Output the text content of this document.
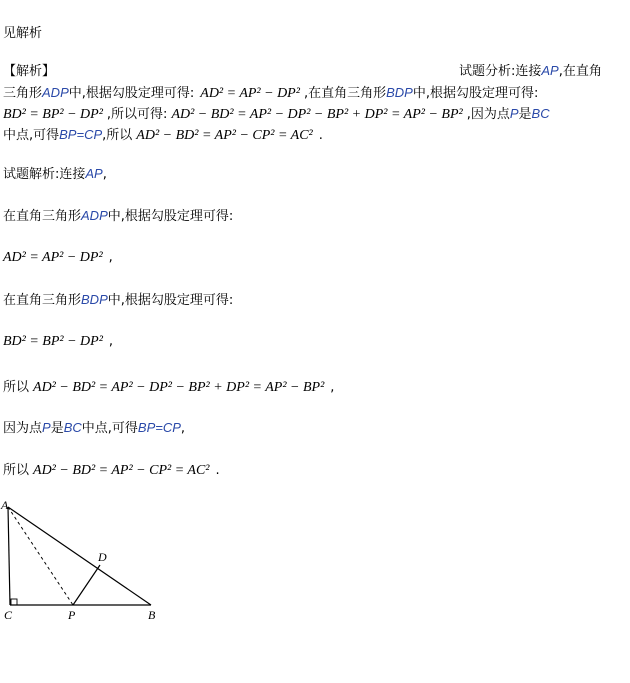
见解析
【解析】	试题分析:连接 AP ,在直角
三角形 ADP 中,根据勾股定理可得: AD² = AP² − DP² ,在直角三角形 BDP 中,根据勾股定理可得:
BD² = BP² − DP² ,所以可得: AD² − BD² = AP² − DP² − BP² + DP² = AP² − BP² ,因为点 P 是 BC
中点,可得 BP=CP ,所以 AD² − BD² = AP² − CP² = AC² .
试题解析:连接 AP ,
在直角三角形 ADP 中,根据勾股定理可得:
AD² = AP² − DP² ,
在直角三角形 BDP 中,根据勾股定理可得:
BD² = BP² − DP² ,
所以 AD² − BD² = AP² − DP² − BP² + DP² = AP² − BP² ,
因为点 P 是 BC 中点,可得 BP=CP ,
所以 AD² − BD² = AP² − CP² = AC² .
A
B
C
D
P
